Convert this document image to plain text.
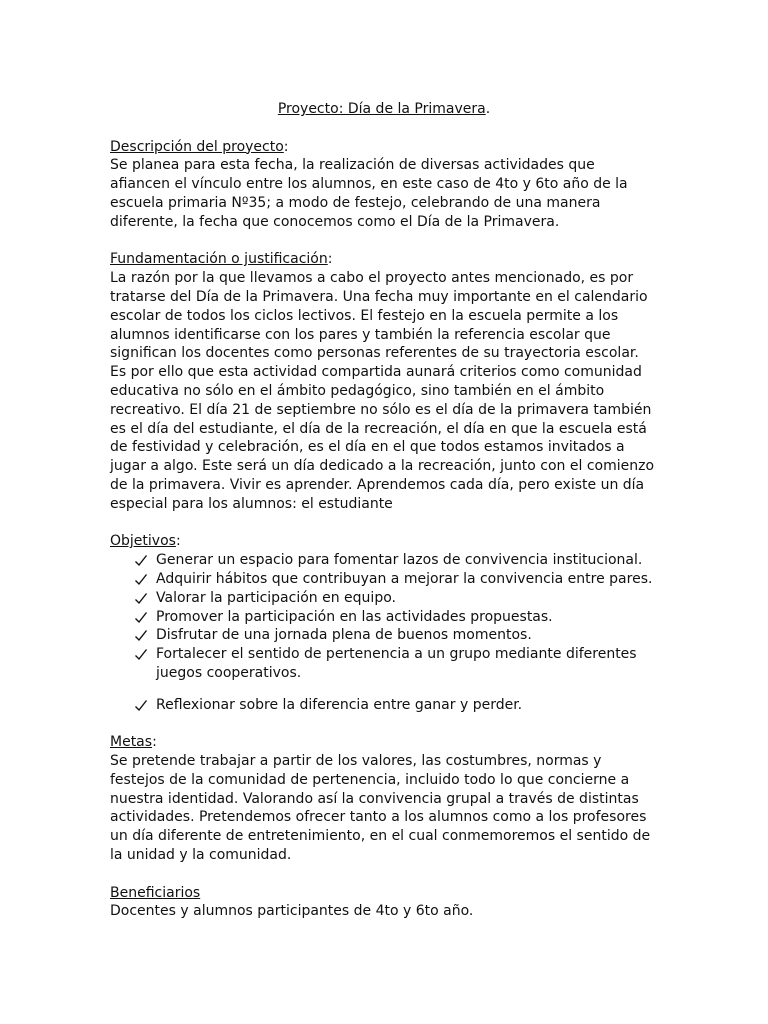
Proyecto: Día de la Primavera.

Descripción del proyecto:

Se planea para esta fecha, la realización de diversas actividades que afiancen el vínculo entre los alumnos, en este caso de 4to y 6to año de la escuela primaria Nº35; a modo de festejo, celebrando de una manera diferente, la fecha que conocemos como el Día de la Primavera.

Fundamentación o justificación:

La razón por la que llevamos a cabo el proyecto antes mencionado, es por tratarse del Día de la Primavera. Una fecha muy importante en el calendario escolar de todos los ciclos lectivos. El festejo en la escuela permite a los alumnos identificarse con los pares y también la referencia escolar que significan los docentes como personas referentes de su trayectoria escolar. Es por ello que esta actividad compartida aunará criterios como comunidad educativa no sólo en el ámbito pedagógico, sino también en el ámbito recreativo. El día 21 de septiembre no sólo es el día de la primavera también es el día del estudiante, el día de la recreación, el día en que la escuela está de festividad y celebración, es el día en el que todos estamos invitados a jugar a algo. Este será un día dedicado a la recreación, junto con el comienzo de la primavera. Vivir es aprender. Aprendemos cada día, pero existe un día especial para los alumnos: el estudiante

Objetivos:

Generar un espacio para fomentar lazos de convivencia institucional.
Adquirir hábitos que contribuyan a mejorar la convivencia entre pares.
Valorar la participación en equipo.
Promover la participación en las actividades propuestas.
Disfrutar de una jornada plena de buenos momentos.
Fortalecer el sentido de pertenencia a un grupo mediante diferentes juegos cooperativos.
Reflexionar sobre la diferencia entre ganar y perder.

Metas:

Se pretende trabajar a partir de los valores, las costumbres, normas y festejos de la comunidad de pertenencia, incluido todo lo que concierne a nuestra identidad. Valorando así la convivencia grupal a través de distintas actividades. Pretendemos ofrecer tanto a los alumnos como a los profesores un día diferente de entretenimiento, en el cual conmemoremos el sentido de la unidad y la comunidad.

Beneficiarios

Docentes y alumnos participantes de 4to y 6to año.
